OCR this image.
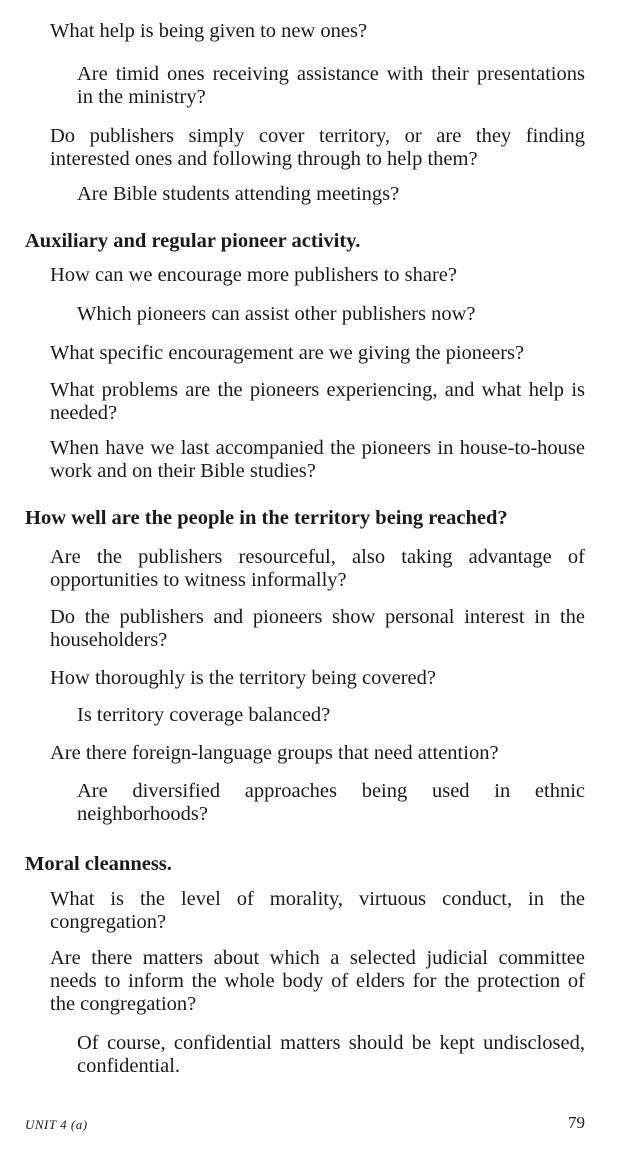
What help is being given to new ones?

Are timid ones receiving assistance with their presentations in the ministry?

Do publishers simply cover territory, or are they finding interested ones and following through to help them?

Are Bible students attending meetings?

Auxiliary and regular pioneer activity.

How can we encourage more publishers to share?

Which pioneers can assist other publishers now?

What specific encouragement are we giving the pioneers?

What problems are the pioneers experiencing, and what help is needed?

When have we last accompanied the pioneers in house-to-house work and on their Bible studies?

How well are the people in the territory being reached?

Are the publishers resourceful, also taking advantage of opportunities to witness informally?

Do the publishers and pioneers show personal interest in the householders?

How thoroughly is the territory being covered?

Is territory coverage balanced?

Are there foreign-language groups that need attention?

Are diversified approaches being used in ethnic neighborhoods?

Moral cleanness.

What is the level of morality, virtuous conduct, in the congregation?

Are there matters about which a selected judicial committee needs to inform the whole body of elders for the protection of the congregation?

Of course, confidential matters should be kept undisclosed, confidential.

UNIT 4 (a)	79
